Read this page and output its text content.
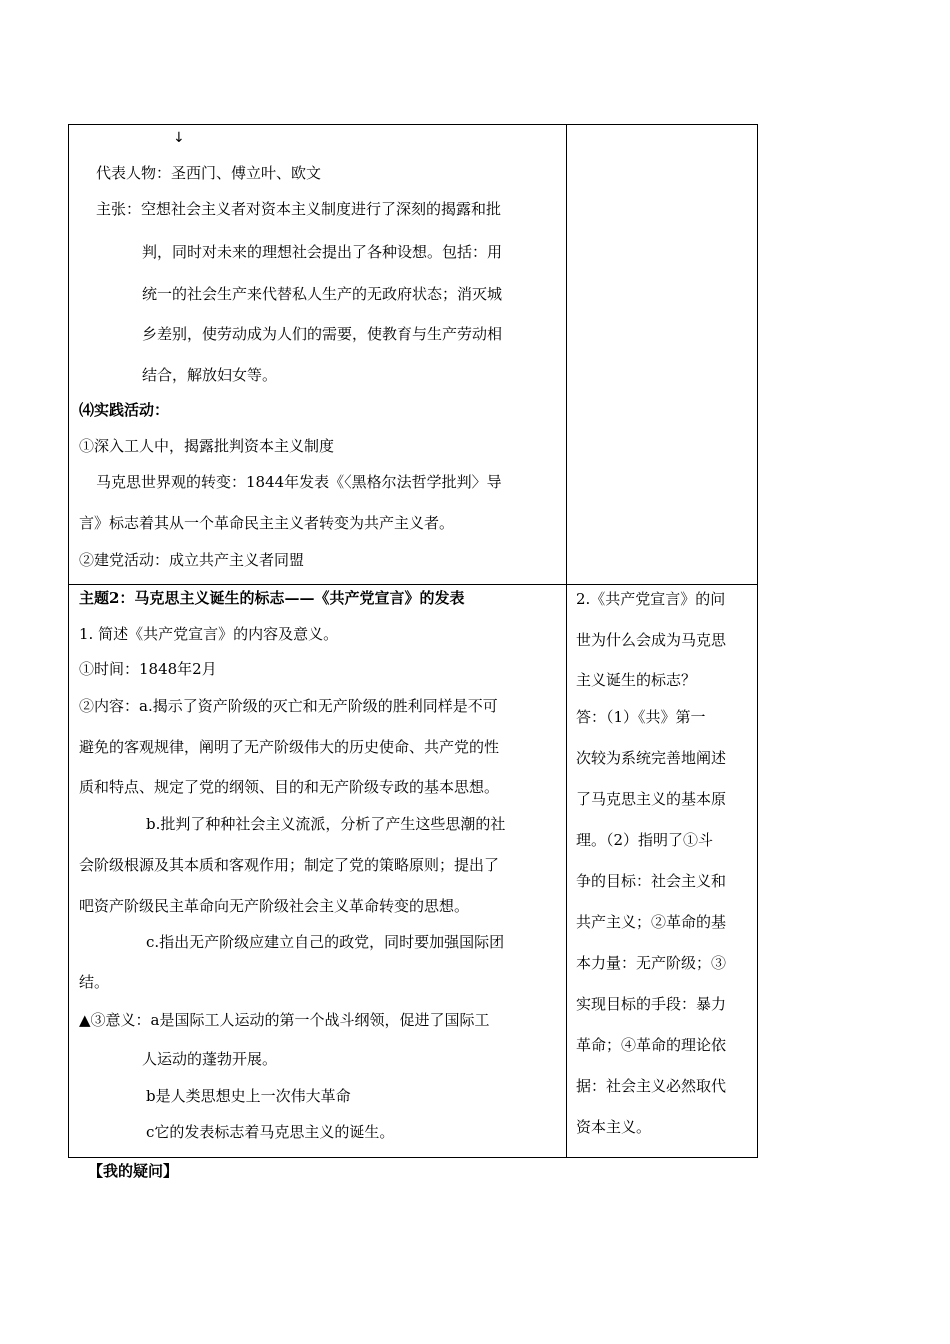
↓
代表人物：圣西门、傅立叶、欧文
主张：空想社会主义者对资本主义制度进行了深刻的揭露和批
判，同时对未来的理想社会提出了各种设想。包括：用
统一的社会生产来代替私人生产的无政府状态；消灭城
乡差别，使劳动成为人们的需要，使教育与生产劳动相
结合，解放妇女等。
⑷实践活动：
①深入工人中，揭露批判资本主义制度
马克思世界观的转变：1844年发表《〈黑格尔法哲学批判〉导
言》标志着其从一个革命民主主义者转变为共产主义者。
②建党活动：成立共产主义者同盟
主题2：马克思主义诞生的标志——《共产党宣言》的发表
1. 简述《共产党宣言》的内容及意义。
①时间：1848年2月
②内容：a.揭示了资产阶级的灭亡和无产阶级的胜利同样是不可
避免的客观规律，阐明了无产阶级伟大的历史使命、共产党的性
质和特点、规定了党的纲领、目的和无产阶级专政的基本思想。
b.批判了种种社会主义流派，分析了产生这些思潮的社
会阶级根源及其本质和客观作用；制定了党的策略原则；提出了
吧资产阶级民主革命向无产阶级社会主义革命转变的思想。
c.指出无产阶级应建立自己的政党，同时要加强国际团
结。
▲③意义：a是国际工人运动的第一个战斗纲领，促进了国际工
人运动的蓬勃开展。
b是人类思想史上一次伟大革命
c它的发表标志着马克思主义的诞生。
2.《共产党宣言》的问
世为什么会成为马克思
主义诞生的标志？
答：（1）《共》第一
次较为系统完善地阐述
了马克思主义的基本原
理。（2）指明了①斗
争的目标：社会主义和
共产主义；②革命的基
本力量：无产阶级；③
实现目标的手段：暴力
革命；④革命的理论依
据：社会主义必然取代
资本主义。
【我的疑问】
